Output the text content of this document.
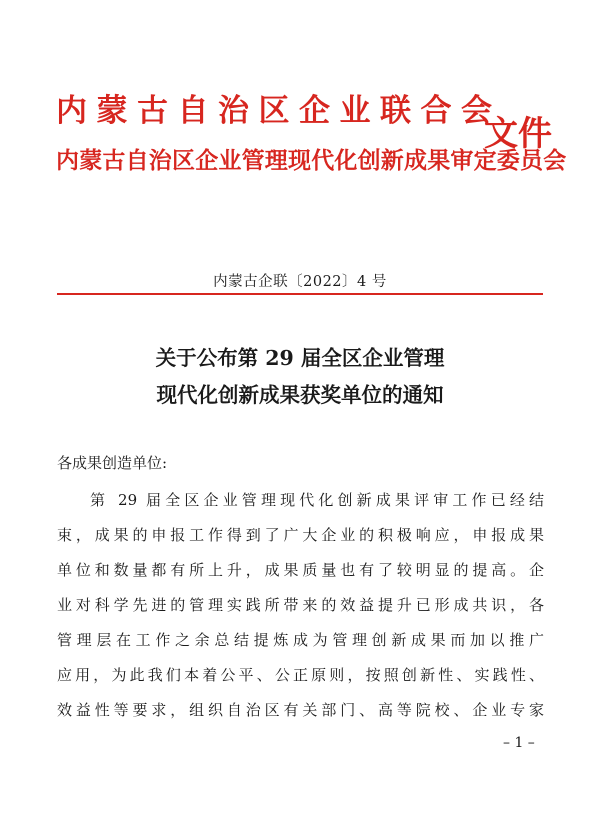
内蒙古自治区企业联合会
内蒙古自治区企业管理现代化创新成果审定委员会
文件
内蒙古企联〔2022〕4 号
关于公布第 29 届全区企业管理
现代化创新成果获奖单位的通知
各成果创造单位:
第 29 届全区企业管理现代化创新成果评审工作已经结
束，成果的申报工作得到了广大企业的积极响应，申报成果
单位和数量都有所上升，成果质量也有了较明显的提高。企
业对科学先进的管理实践所带来的效益提升已形成共识，各
管理层在工作之余总结提炼成为管理创新成果而加以推广
应用，为此我们本着公平、公正原则，按照创新性、实践性、
效益性等要求，组织自治区有关部门、高等院校、企业专家
– 1 –
